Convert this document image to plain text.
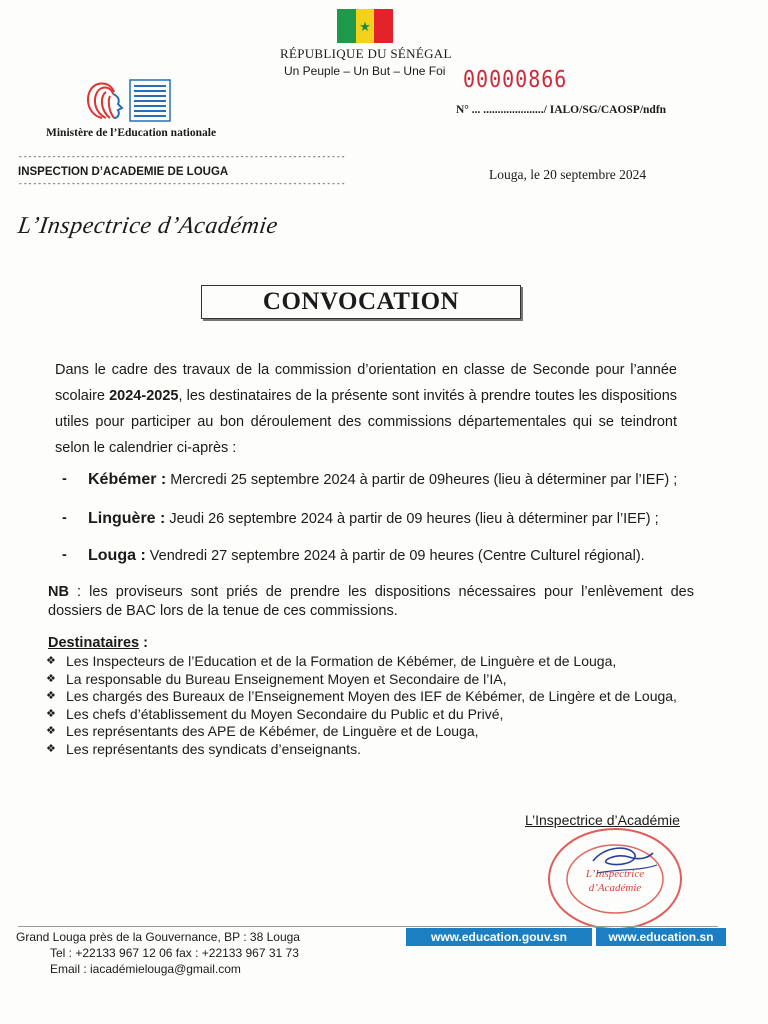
★
RÉPUBLIQUE DU SÉNÉGAL
Un Peuple – Un But – Une Foi 00000866
N° ... ...................../ IALO/SG/CAOSP/ndfn
Ministère de l’Education nationale
--------------------------------------------------------------------
INSPECTION D’ACADEMIE DE LOUGA
--------------------------------------------------------------------
Louga, le 20 septembre 2024
L’Inspectrice d’Académie
CONVOCATION
Dans le cadre des travaux de la commission d’orientation en classe de Seconde pour l’année scolaire 2024-2025, les destinataires de la présente sont invités à prendre toutes les dispositions utiles pour participer au bon déroulement des commissions départementales qui se teindront selon le calendrier ci-après :
- Kébémer : Mercredi 25 septembre 2024 à partir de 09heures (lieu à déterminer par l’IEF) ;
- Linguère : Jeudi 26 septembre 2024 à partir de 09 heures (lieu à déterminer par l’IEF) ;
- Louga : Vendredi 27 septembre 2024 à partir de 09 heures (Centre Culturel régional).
NB : les proviseurs sont priés de prendre les dispositions nécessaires pour l’enlèvement des dossiers de BAC lors de la tenue de ces commissions.
Destinataires :
❖ Les Inspecteurs de l’Education et de la Formation de Kébémer, de Linguère et de Louga,
❖ La responsable du Bureau Enseignement Moyen et Secondaire de l’IA,
❖ Les chargés des Bureaux de l’Enseignement Moyen des IEF de Kébémer, de Lingère et de Louga,
❖ Les chefs d’établissement du Moyen Secondaire du Public et du Privé,
❖ Les représentants des APE de Kébémer, de Linguère et de Louga,
❖ Les représentants des syndicats d’enseignants.
L’Inspectrice d’Académie
L’Inspectrice
d’Académie
Grand Louga près de la Gouvernance, BP : 38 Louga
Tel : +22133 967 12 06 fax : +22133 967 31 73
Email : iacadémielouga@gmail.com
www.education.gouv.sn	www.education.sn
